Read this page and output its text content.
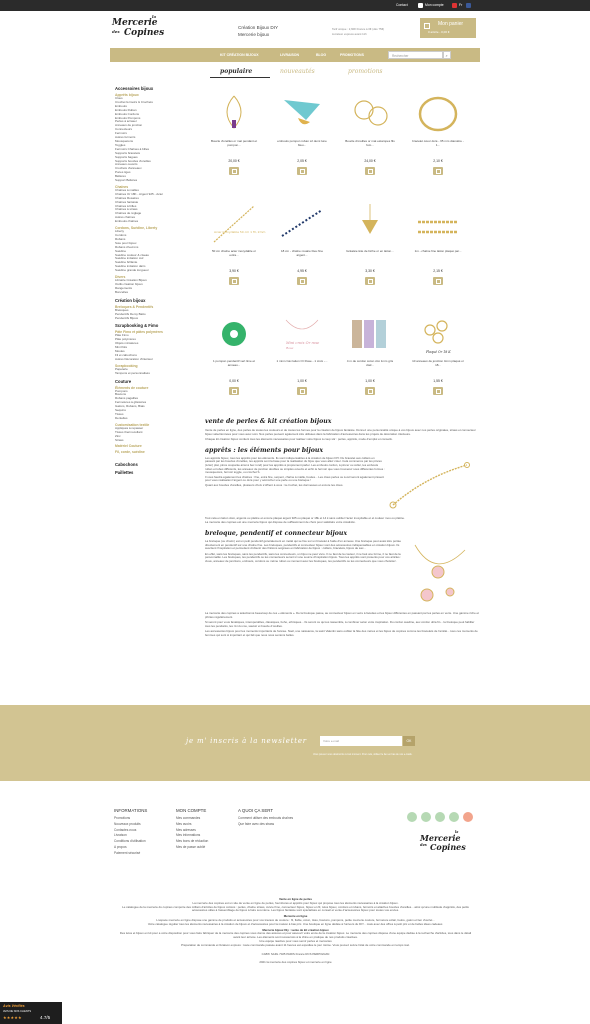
Contact	Mon compte	Fr
la
Mercerie
des Copines
Création Bijoux DIY
Mercerie bijoux
Tarif unique : 2,60€ France à 0€ (dès 75€)
Livraison express avant 11h
Mon panier
0 article - 0,00 €
KIT CRÉATION BIJOUX	LIVRAISON	BLOG	PROMOTIONS	Rechercher	⌕
populaire	nouveautés	promotions
Accessoires bijoux
Apprêts bijoux
Clous
Crochet fermoirs & Crochets
Embouts
Embouts Ruban
Embouts Cordons
Embouts Pompons
Perles à écraser
Anneaux de jonction
Connecteurs
Fermoirs
Autres fermoirs
Mousquetons
Toggles
Fermoirs Chaînes à billes
Supports bracelets
Supports bagues
Supports boucles d'oreilles
Anneaux ouverts
Crochets d'anneaux
Puces tiges
Bélières
Support Bélières
Chaînes
Chaînes à mailles
Chaînes Or 18K - Argent 925 - Acier
Chaînes Rosaires
Chaînes fantaisie
Chaînes à billes
Chaînes à strass
Chaînes de réglage
Autres chaînes
Embouts chaînes
Cordons, Suédine, Liberty
Liberty
Cordons
Rubans
Soie pour bijoux
Rubans chevrons
Suédine
Suédine couleur & ciseau
Suédine imitation cuir
Suédine brillante
Suédine imitation daim
Suédine grande longueur
Divers
Librairie Création Bijoux
Outils création bijoux
Rangements
Boncelles
Création bijoux
Breloques & Pendentifs
Breloques
Pendentifs Demy Batto
Pendentifs Bijoux
Scrapbooking & Fimo
Pâte Fimo et pâtes polymères
Pâte Fimo
Pâte polymères
Objets miniatures
Mini Kiks
Moules
Fil et cabochons
Autres Décoration d'intérieur
Scrapbooking
Papeterie
Tampons et personnalisés
Couture
Éléments de couture
Pompons
Boutons
Rubans pagailles
Fermetures à glissières
Galons, Rubans, Biais
Sequins
Tissus
Dentelles
Customisation textile
Appliqués à repasser
Tissus thermocollant
Zinc
Strass
Matériel Couture
Fil, corde, suédine
Cabochons
Paillettes
Boucle d'oreilles or mat pendant et pompon...
20,00 €
embouts pompon ruban x2 demi lune bleu...
2,05 €
Boucle d'oreilles or mat estampes fils fom...
24,00 €
bracelet cœur doré - 65 mm diamètre - 1...
2,10 €
Acier Inoxydable 50 cm 1 fil, 2mm
50 cm chaîne acier inoxydable or extra...
3,90 €
18 cm - chaîne rosaire bleu fine argent...
4,95 €
fantaisie tête de biche or en laiton...
3,30 €
1m - chaîne fine laiton plaqué par...
2,15 €
1 pompon pendentif vert lime et anneau...
0,00 €
Mini croix Or rose
Rose
1 mini croix laiton Or Rose - 1 croix -...
1,00 €
4 m de cordon coton ciré 1mm gris clair...
1,00 €
Plaqué Or 18 K
10 anneaux de jonction 4mm plaqué or 18...
1,55 €
vente de perles & kit création bijoux
Vente de perles en ligne, des perles de toutes les couleurs et de toutes les formes pour la création de bijoux fantaisie. Donnez une personnalité unique à vos bijoux avec nos perles originales, strass et connecteur bijoux sélectionnées pour vous avec soin. Nos perles peuvent également être utilisées dans la fabrication d'accessoires dans les projets de décoration intérieure.
Chaque kit création bijoux contient tous les éléments nécessaires pour réaliser votre bijoux à coup sûr : perles, apprêts, mode d'emploi et conseils.
apprêts : les éléments pour bijoux
Les apprêts bijoux, tous les apprêts pour les éléments. Ils sont indispensables à la création de bijoux DIY. Du bracelet aux colliers en passant par les boucles d'oreilles, les apprêts sont la base pour la réalisation du bijou que vous allez créer. Cela commence par les pinces (à lier) plat, pince coupante ainsi à bec rond) pour les apprêts à proprement parler. Les embouts cordon, à pincer ou coller, les embouts ruban et tubes différents, les anneaux de jonction doubles ou simples ouverts et enfin le fermoir que vous trouverez sous différentes formes : mousquetons, fermoir toggle, ou crochet S.
Il vous faudra également les chaînes : fine, extra fine, serpent, chaîne à maille, boules... Les clous perles ou à œil seront également présent pour vous réalisation l'argent ou doré pour y accrocher une perle ou une breloque !
Quant aux boucles d'oreilles, plusieurs choix s'offrent à vous : la crochet, les dormeuses et encore les clous.
Tout cela en laiton doré, argenté ou platine et encore plaqué argent 925 ou plaqué or 18k et 14 k sans oublier l'acier inoxydable et el couleur mou ou platine.
La mercerie des copines est une mercerie bijoux qui dispose de suffisamment de choix pour satisfaire votre créativité.
breloque, pendentif et connecteur bijoux
La breloque (ou charm) est un petit pendentif généralement en métal qui se fixe sur un bracelet à l'aide d'un anneau. Une breloque peut aussi être portée directement en pendentif sur une chaîne fine. Les breloques, pendentifs et connecteur bijoux sont des accessoires indispensables en création bijoux. Ils suscitent l'inspiration et permettent d'obtenir des finitions soignées en fabrication de bijoux : colliers, bracelets, bijoux de sac...
En effet, sans les breloques, sans les pendentifs, sans les connecteurs, un bijou ne peut vivre. Il ne faut de la couleur, il ne faut une forme, il ne faut de la personnalité. Les breloques, les pendentifs ou les connecteurs seront ici une source d'inspiration bijoux. Tous les apprêts sont présents pour vos articles : clous, anneaux de jonctions, embouts, cordons ou même ruban ou moment avec les breloques, les pendentifs ou les connecteurs que vous choisirez.
La mercerie des copines a sélectionné beaucoup de ces « éléments ». De la breloque passe, au connecteur bijoux en verre à facettes et les bijoux différentes en passant par les perles en verre. Une gamme riche et phrites régulièrement.
Si seront pour vous fanatiques, interoperables, classiques, boho, ethniques... Ils seront ce qu'ous rassemble, à combiner selon votre inspiration. Du cordon suédine, aux cordon ultra fin... la breloque peut habiller tous les pendants, les rivi du cou, sautoir et boucle d'oreilles.
Les accessoires bijoux pour les moments importants de l'année. Noël, une naissance, la saint Valentin sans oublier la fête des mères et les bijoux de copines comme les bracelets de l'amitié... tous ces moments de femmes qui sont si important et qui fait que nous nous sentons belles.
je m' inscris à la newsletter	Votre e-mail	OK
Vous pouvez vous désinscrire à tout moment. Pour cela, utilisez le lien en bas de nos e-mails.
INFORMATIONS
Promotions
Nouveaux produits
Contactez-nous
Livraison
Conditions d'utilisation
A propos
Paiement sécurisé
MON COMPTE
Mes commandes
Mes avoirs
Mes adresses
Mes informations
Mes bons de réduction
Mes de passe oublié
A QUOI ÇA SERT
Comment utiliser des embouts chaînes
Que faire avec des strass
la
Mercerie
des Copines
Vente en ligne de perles
La mercerie des copines est un site de vente en ligne de perles, fournitures et apprêts pour bijoux qui propose tous les éléments nécessaires à la création bijoux.
Le catalogue de la mercerie du copines comporte des milliers d'articles de bijoux colorés : perles, chaîne strass, cuivre fimo, connecteur bijoux, bijoux en fil, tutos bijoux, cordons et rubans, fermoirs et attaches boucles d'oreilles... ainsi qu'une multitude d'apprêts, des petits accessoires utiles à l'assemblage de bijoux à faire soi-même. Les bijoux fantaisie sont spécialisés en conseil et vente d'accessoires bijoux pour toutes vos envies.
Mercerie en ligne
L'espace mercerie en ligne dispose une gamme de produits et accessoires pour vos travaux de couture : fil, fiable, coton, tissu, boutons, pompons, petite mercerie couture, fermeture éclair, feutre, galon et lien d'ourlet...
Votre catalogue régulier tous les éléments nécessaires à la création de bijoux et d'accessoires pour la maison à bas prix. Une boutique en ligne dédiée à l'univers du DIY... mais avec des offres à petit prix et de belles idées cadeaux.
Mercerie bijoux Diy : vente de kit création bijoux
Des tutos et bijoux en kit pour a votre disposition pour vous faire fabriquer de la mercerie des copines vous donne des astuces et pour assouvir votre envie de la création bijoux. Le mercerie des copines dispose d'une équipe dédiée à la recherche d'articles, tous dans le détail avant leur arrivée. Les éléments sont ressourcés à la chine en pratique de nos produits créatives.
Une équipe réactive pour vous servir perles et merceries
Préparation de commande et livraison express : toute commande passée avant 11 heures est expédiée le jour même. Vous pouvez suivre l'état de votre commande en temps réel.
CABS' SARL 7025 PARIS France RCS PERPIGNAN
2021 la mercerie des copines bijoux et mercerie en ligne
Avis Vérifiés
AVIS DE NOS CLIENTS
★★★★★	4.7/5
